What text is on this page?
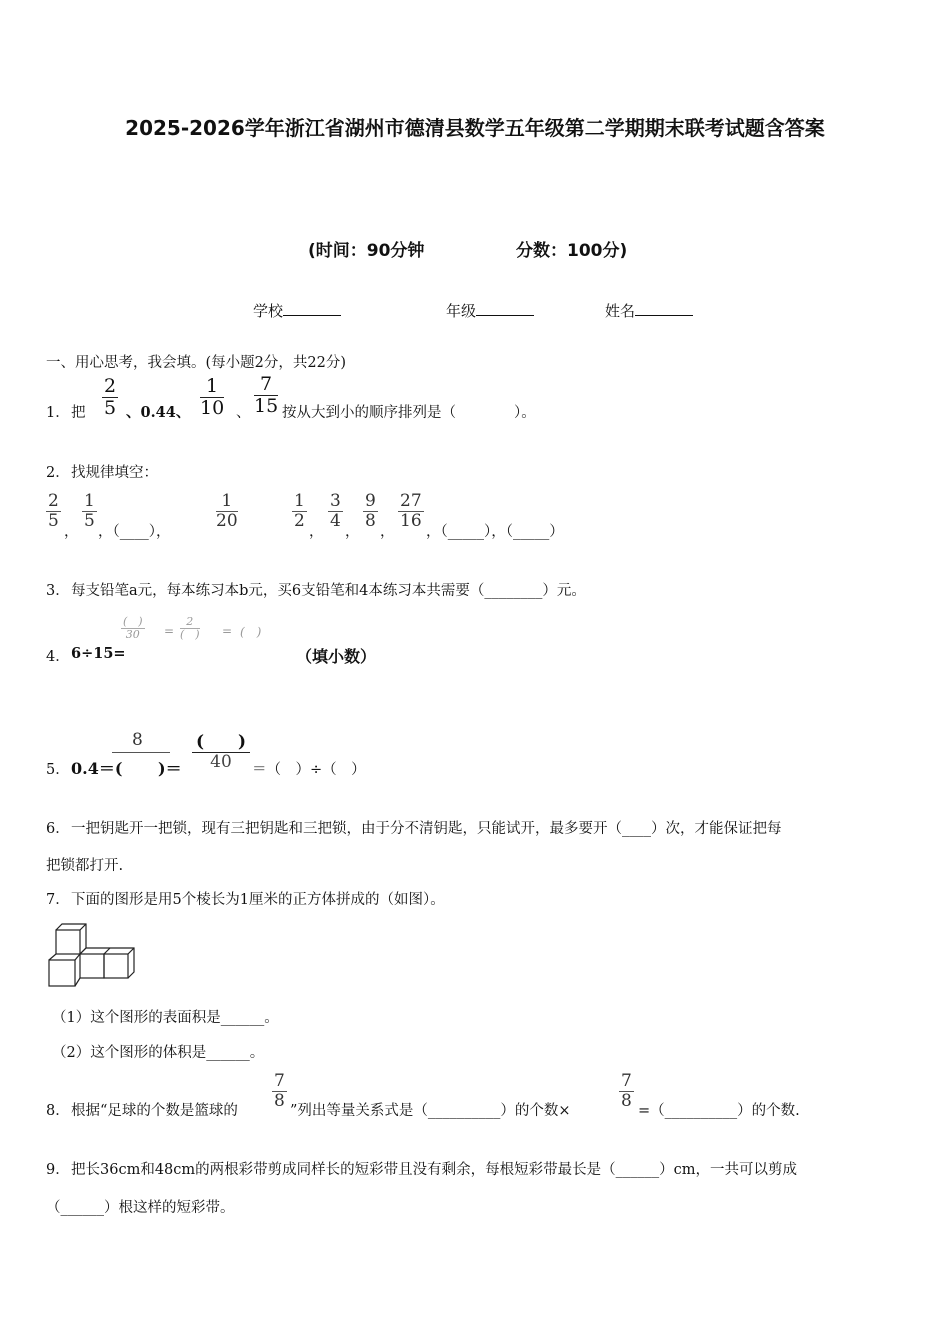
2025-2026学年浙江省湖州市德清县数学五年级第二学期期末联考试题含答案
(时间：90分钟	分数：100分)
学校	年级	姓名
一、用心思考，我会填。(每小题2分，共22分)
1． 把 $\frac{2}{5}$ 、0.44、 $\frac{1}{10}$ 、 $\frac{7}{15}$ 按从大到小的顺序排列是（　　　　）。
2． 找规律填空：
$\frac{2}{5}$
，
$\frac{1}{5}$
，（____），
$\frac{1}{20}$	$\frac{1}{2}$
，
$\frac{3}{4}$
，
$\frac{9}{8}$
，
$\frac{27}{16}$
，（_____），（_____）
3． 每支铅笔a元，每本练习本b元，买6支铅笔和4本练习本共需要（________）元。
4． 6÷15=
(　)
30	=
2
(　) = (　)
（填小数）
5． 0.4＝(
8
)＝
(　　)
40	＝（　）÷（　）
6． 一把钥匙开一把锁，现有三把钥匙和三把锁，由于分不清钥匙，只能试开，最多要开（____）次，才能保证把每
把锁都打开.
7． 下面的图形是用5个棱长为1厘米的正方体拼成的（如图）。
（1）这个图形的表面积是______。
（2）这个图形的体积是______。
8． 根据“足球的个数是篮球的 $\frac{7}{8}$ ”列出等量关系式是（__________）的个数×	$\frac{7}{8}$ =（__________）的个数.
9． 把长36cm和48cm的两根彩带剪成同样长的短彩带且没有剩余，每根短彩带最长是（______）cm，一共可以剪成
（______）根这样的短彩带。
